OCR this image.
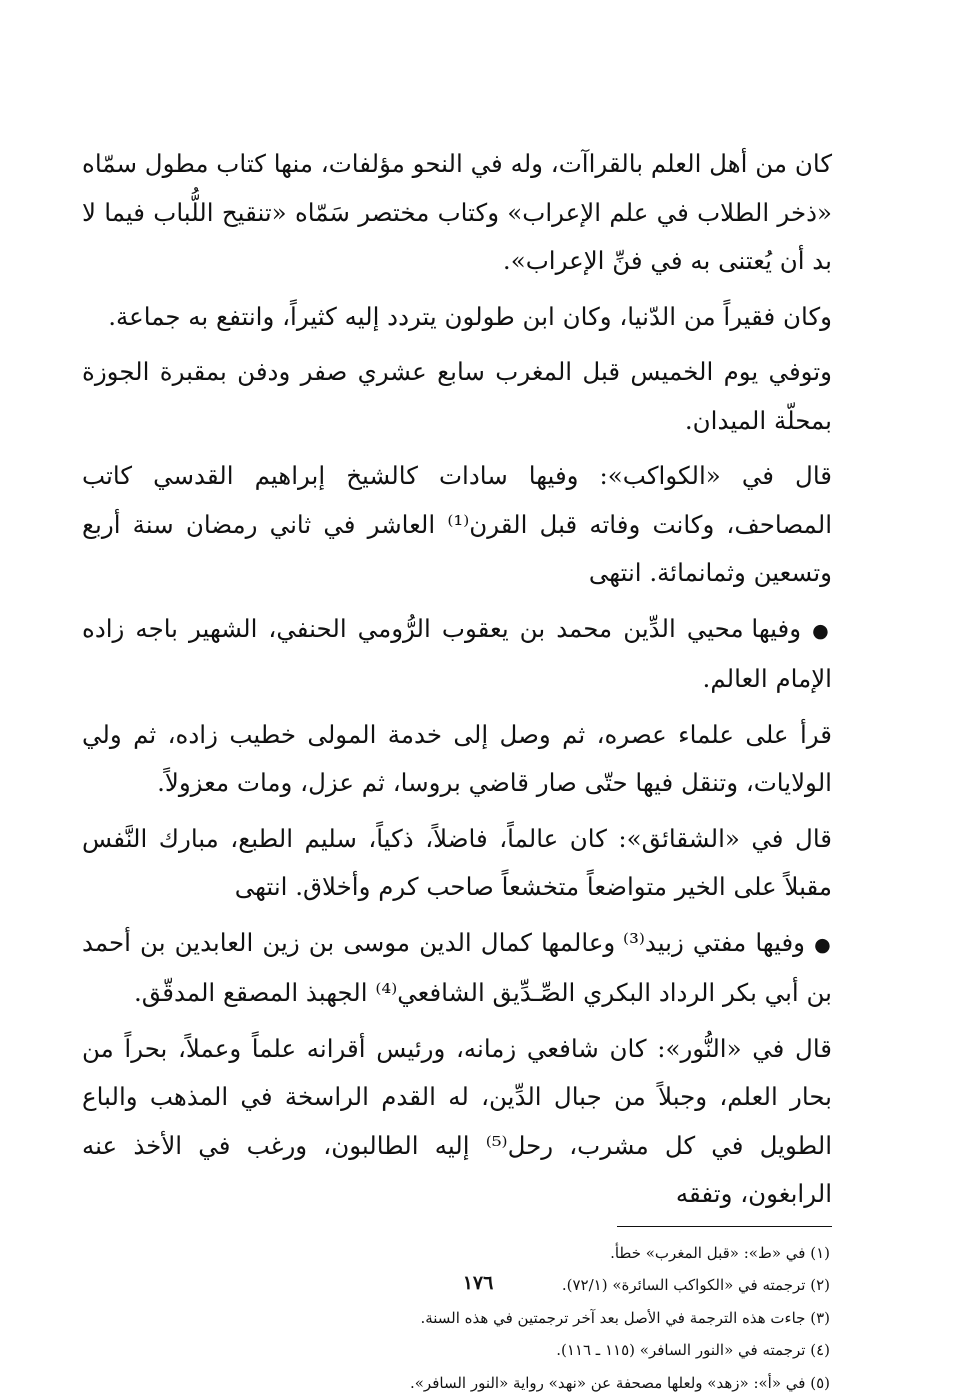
كان من أهل العلم بالقراآت، وله في النحو مؤلفات، منها كتاب مطول سمّاه «ذخر الطلاب في علم الإعراب» وكتاب مختصر سَمّاه «تنقيح اللُّباب فيما لا بد أن يُعتنى به في فنِّ الإعراب».

وكان فقيراً من الدّنيا، وكان ابن طولون يتردد إليه كثيراً، وانتفع به جماعة.

وتوفي يوم الخميس قبل المغرب سابع عشري صفر ودفن بمقبرة الجوزة بمحلّة الميدان.

قال في «الكواكب»: وفيها سادات كالشيخ إبراهيم القدسي كاتب المصاحف، وكانت وفاته قبل القرن⁽¹⁾ العاشر في ثاني رمضان سنة أربع وتسعين وثمانمائة. انتهى

● وفيها محيي الدِّين محمد بن يعقوب الرُّومي الحنفي، الشهير باجه زاده الإمام العالم.

قرأ على علماء عصره، ثم وصل إلى خدمة المولى خطيب زاده، ثم ولي الولايات، وتنقل فيها حتّى صار قاضي بروسا، ثم عزل، ومات معزولاً.

قال في «الشقائق»: كان عالماً، فاضلاً، ذكياً، سليم الطبع، مبارك النَّفس مقبلاً على الخير متواضعاً متخشعاً صاحب كرم وأخلاق. انتهى

● وفيها مفتي زبيد⁽³⁾ وعالمها كمال الدين موسى بن زين العابدين بن أحمد بن أبي بكر الرداد البكري الصِّـدِّيق الشافعي⁽⁴⁾ الجهبذ المصقع المدقّق.

قال في «النُّور»: كان شافعي زمانه، ورئيس أقرانه علماً وعملاً، بحراً من بحار العلم، وجبلاً من جبال الدِّين، له القدم الراسخة في المذهب والباع الطويل في كل مشرب، رحل⁽⁵⁾ إليه الطالبون، ورغب في الأخذ عنه الرابغون، وتفقه

(١) في «ط»: «قبل المغرب» خطأ.

(٢) ترجمته في «الكواكب السائرة» (٧٢/١).

(٣) جاءت هذه الترجمة في الأصل بعد آخر ترجمتين في هذه السنة.

(٤) ترجمته في «النور السافر» (١١٥ ـ ١١٦).

(٥) في «أ»: «زهد» ولعلها مصحفة عن «نهد» رواية «النور السافر».

١٧٦
